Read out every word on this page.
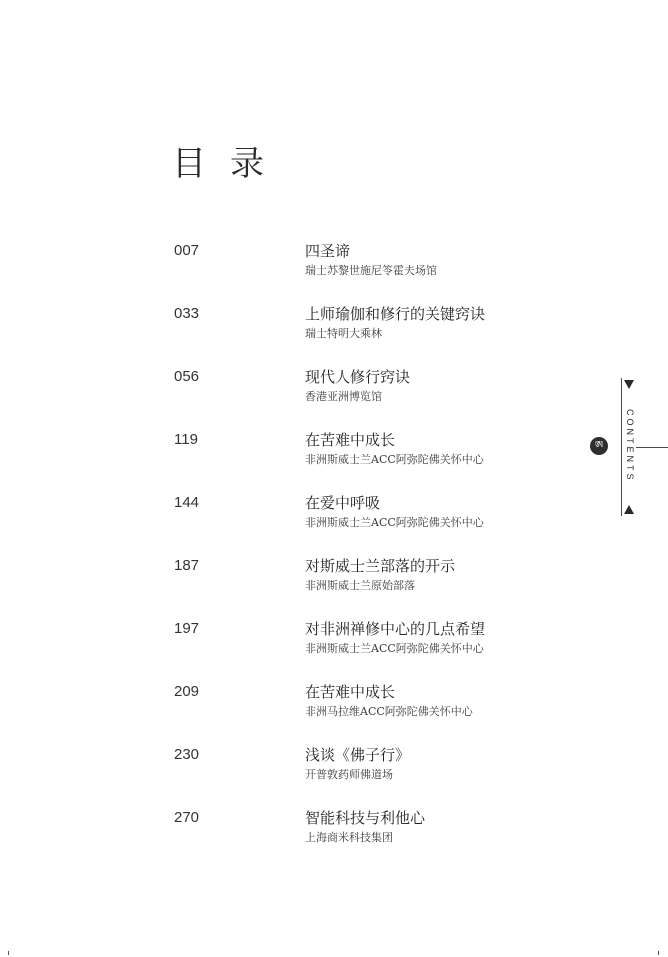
目录
007	四圣谛
瑞士苏黎世施尼笭霍夫场馆
033	上师瑜伽和修行的关键窍诀
瑞士特明大乘林
056	现代人修行窍诀
香港亚洲博览馆
119	在苦难中成长
非洲斯威士兰ACC阿弥陀佛关怀中心
144	在爱中呼吸
非洲斯威士兰ACC阿弥陀佛关怀中心
187	对斯威士兰部落的开示
非洲斯威士兰原始部落
197	对非洲禅修中心的几点希望
非洲斯威士兰ACC阿弥陀佛关怀中心
209	在苦难中成长
非洲马拉维ACC阿弥陀佛关怀中心
230	浅谈《佛子行》
开普敦药师佛道场
270	智能科技与利他心
上海商米科技集团
CONTENTS
ཨ
